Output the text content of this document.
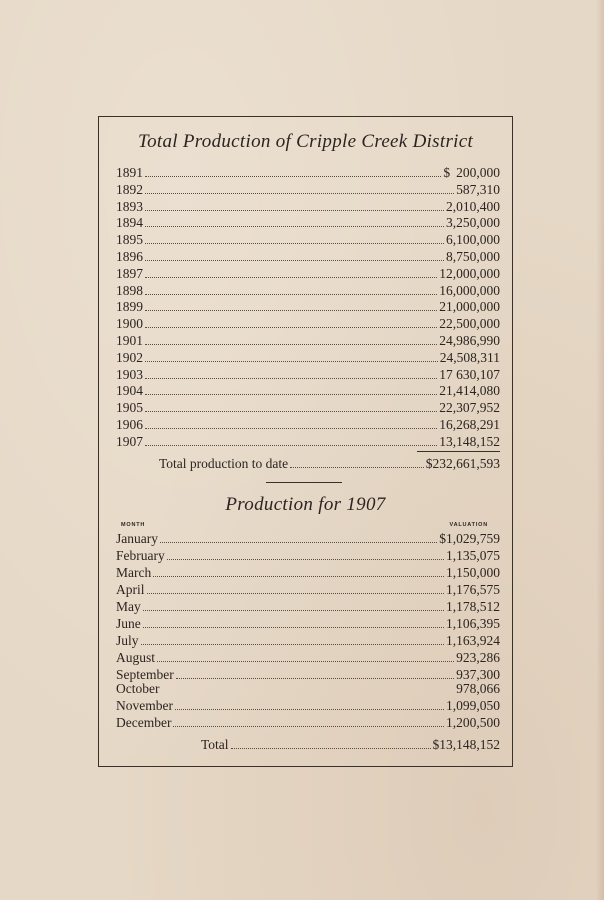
Total Production of Cripple Creek District
1891	$ 200,000
1892	587,310
1893	2,010,400
1894	3,250,000
1895	6,100,000
1896	8,750,000
1897	12,000,000
1898	16,000,000
1899	21,000,000
1900	22,500,000
1901	24,986,990
1902	24,508,311
1903	17 630,107
1904	21,414,080
1905	22,307,952
1906	16,268,291
1907	13,148,152
Total production to date	$232,661,593
Production for 1907
MONTH	VALUATION
January	$1,029,759
February	1,135,075
March	1,150,000
April	1,176,575
May	1,178,512
June	1,106,395
July	1,163,924
August	923,286
September	937,300
October	978,066
November	1,099,050
December	1,200,500
Total	$13,148,152
